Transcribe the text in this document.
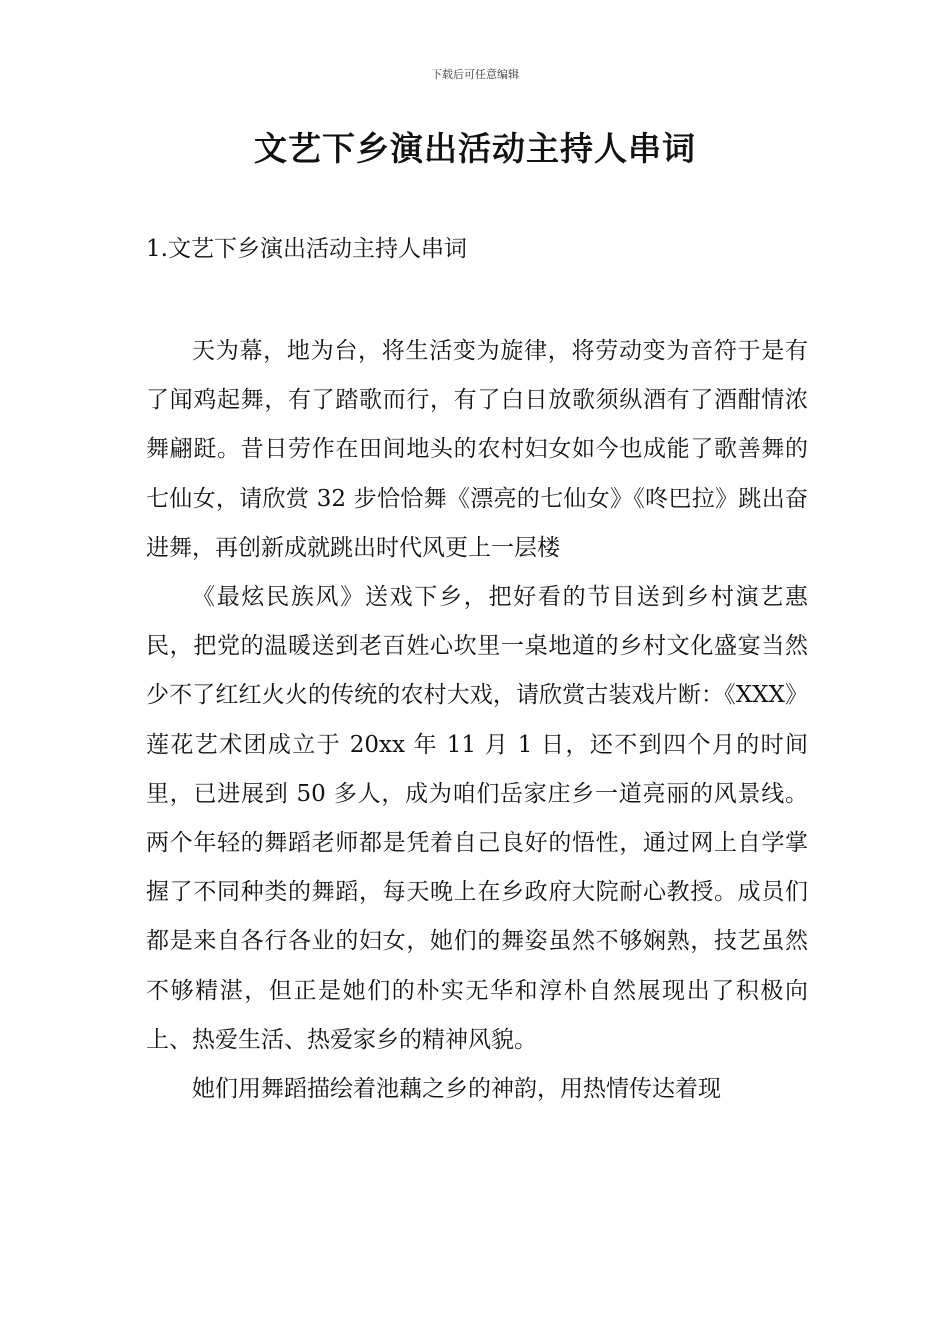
下载后可任意编辑
文艺下乡演出活动主持人串词
1.文艺下乡演出活动主持人串词

天为幕，地为台，将生活变为旋律，将劳动变为音符于是有了闻鸡起舞，有了踏歌而行，有了白日放歌须纵酒有了酒酣情浓舞翩跹。昔日劳作在田间地头的农村妇女如今也成能了歌善舞的七仙女，请欣赏 32 步恰恰舞《漂亮的七仙女》《咚巴拉》跳出奋进舞，再创新成就跳出时代风更上一层楼

《最炫民族风》送戏下乡，把好看的节目送到乡村演艺惠民，把党的温暖送到老百姓心坎里一桌地道的乡村文化盛宴当然少不了红红火火的传统的农村大戏，请欣赏古装戏片断：《XXX》莲花艺术团成立于 20xx 年 11 月 1 日，还不到四个月的时间里，已进展到 50 多人，成为咱们岳家庄乡一道亮丽的风景线。两个年轻的舞蹈老师都是凭着自己良好的悟性，通过网上自学掌握了不同种类的舞蹈，每天晚上在乡政府大院耐心教授。成员们都是来自各行各业的妇女，她们的舞姿虽然不够娴熟，技艺虽然不够精湛，但正是她们的朴实无华和淳朴自然展现出了积极向上、热爱生活、热爱家乡的精神风貌。

她们用舞蹈描绘着池藕之乡的神韵，用热情传达着现
